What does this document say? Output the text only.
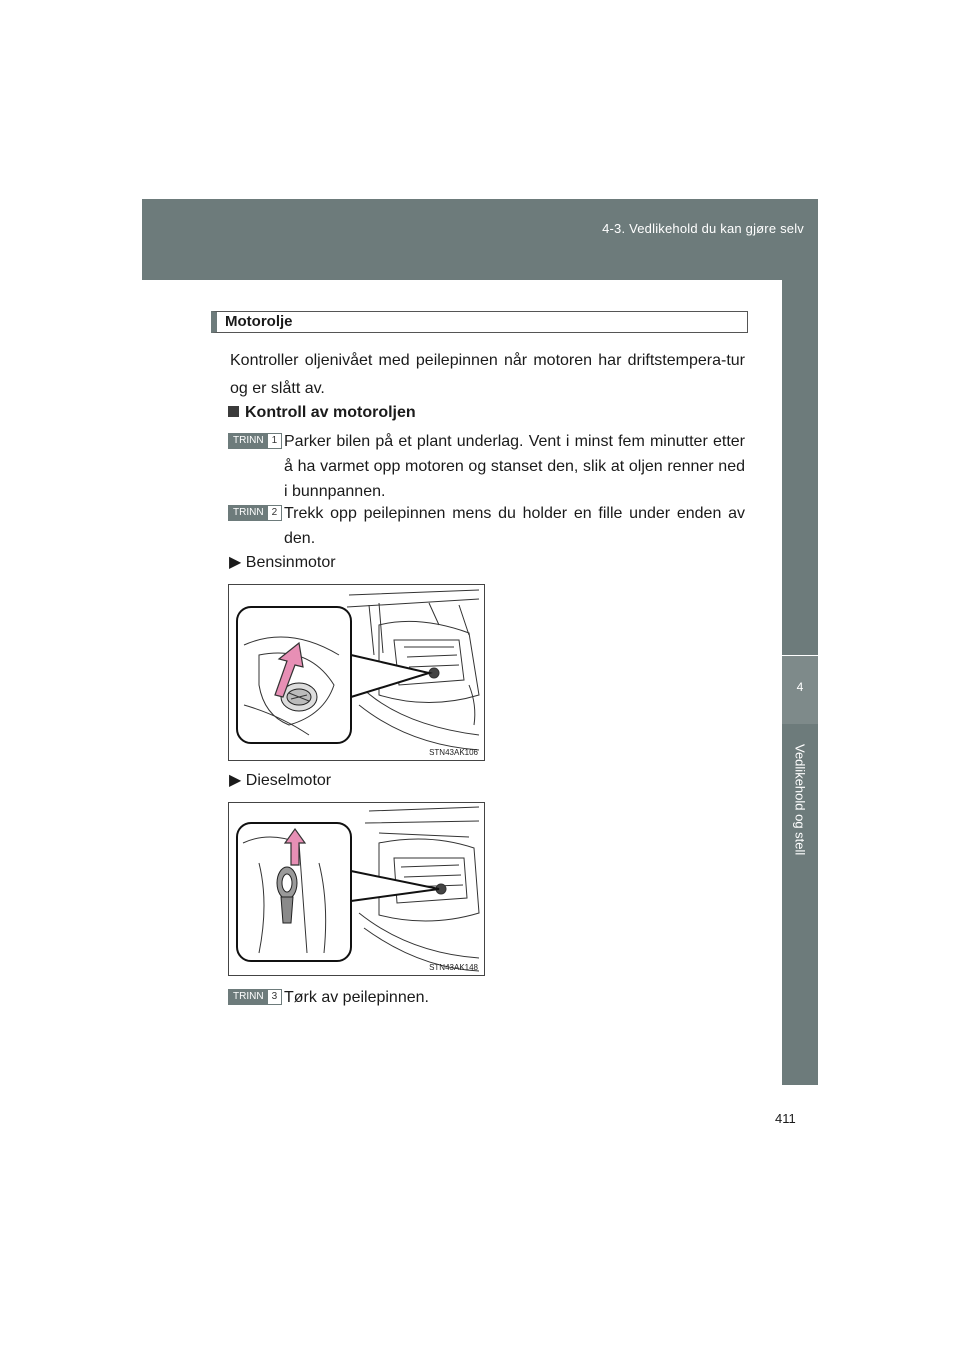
4-3. Vedlikehold du kan gjøre selv
4
Vedlikehold og stell
Motorolje
Kontroller oljenivået med peilepinnen når motoren har driftstempera-tur og er slått av.
Kontroll av motoroljen
TRINN 1 Parker bilen på et plant underlag. Vent i minst fem minutter etter å ha varmet opp motoren og stanset den, slik at oljen renner ned i bunnpannen.
TRINN 2 Trekk opp peilepinnen mens du holder en fille under enden av den.
▶ Bensinmotor
STN43AK106
▶ Dieselmotor
STN43AK148
TRINN 3 Tørk av peilepinnen.
411
